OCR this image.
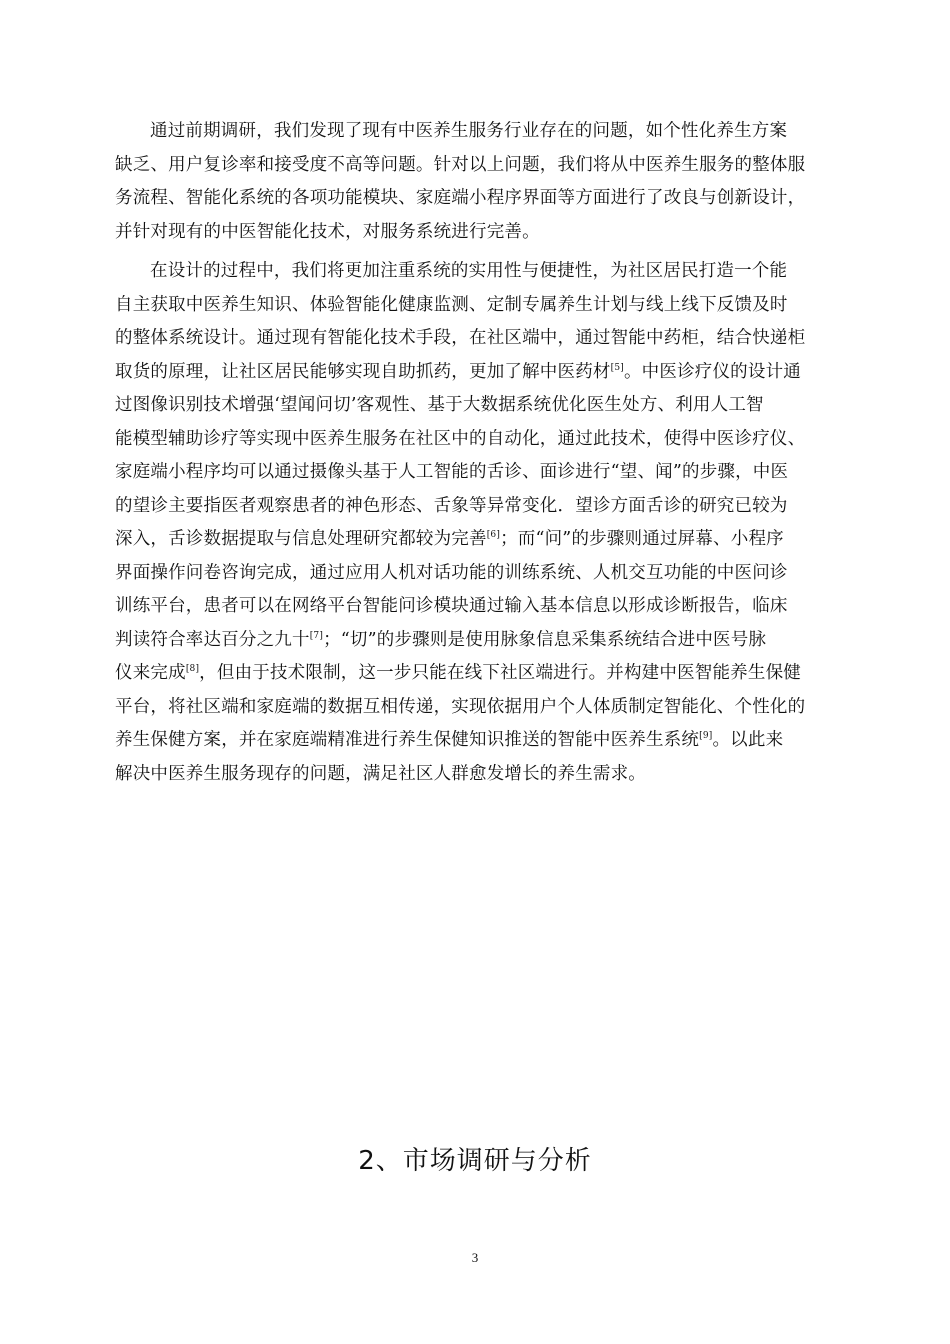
通过前期调研，我们发现了现有中医养生服务行业存在的问题，如个性化养生方案
缺乏、用户复诊率和接受度不高等问题。针对以上问题，我们将从中医养生服务的整体服
务流程、智能化系统的各项功能模块、家庭端小程序界面等方面进行了改良与创新设计，
并针对现有的中医智能化技术，对服务系统进行完善。

在设计的过程中，我们将更加注重系统的实用性与便捷性，为社区居民打造一个能
自主获取中医养生知识、体验智能化健康监测、定制专属养生计划与线上线下反馈及时
的整体系统设计。通过现有智能化技术手段，在社区端中，通过智能中药柜，结合快递柜
取货的原理，让社区居民能够实现自助抓药，更加了解中医药材[5]。中医诊疗仪的设计通
过图像识别技术增强‘望闻问切’客观性、基于大数据系统优化医生处方、利用人工智
能模型辅助诊疗等实现中医养生服务在社区中的自动化，通过此技术，使得中医诊疗仪、
家庭端小程序均可以通过摄像头基于人工智能的舌诊、面诊进行“望、闻”的步骤，中医
的望诊主要指医者观察患者的神色形态、舌象等异常变化．望诊方面舌诊的研究已较为
深入，舌诊数据提取与信息处理研究都较为完善[6]；而“问”的步骤则通过屏幕、小程序
界面操作问卷咨询完成，通过应用人机对话功能的训练系统、人机交互功能的中医问诊
训练平台，患者可以在网络平台智能问诊模块通过输入基本信息以形成诊断报告，临床
判读符合率达百分之九十[7]；“切”的步骤则是使用脉象信息采集系统结合进中医号脉
仪来完成[8]，但由于技术限制，这一步只能在线下社区端进行。并构建中医智能养生保健
平台，将社区端和家庭端的数据互相传递，实现依据用户个人体质制定智能化、个性化的
养生保健方案，并在家庭端精准进行养生保健知识推送的智能中医养生系统[9]。以此来
解决中医养生服务现存的问题，满足社区人群愈发增长的养生需求。

2、市场调研与分析
3
